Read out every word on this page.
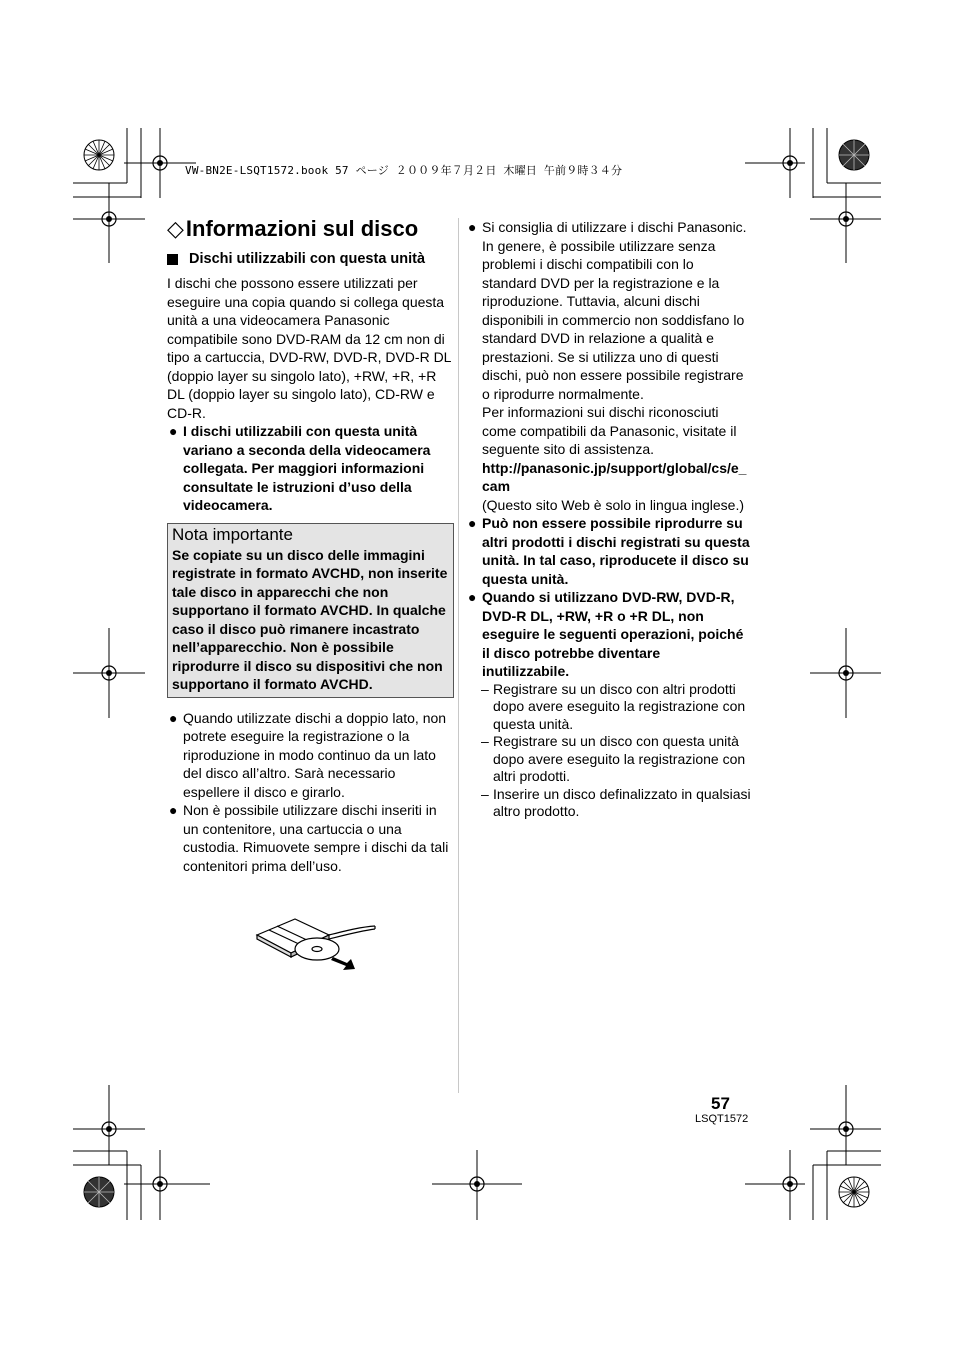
VW-BN2E-LSQT1572.book 57 ページ ２００９年７月２日 木曜日 午前９時３４分
◇Informazioni sul disco
Dischi utilizzabili con questa unità

I dischi che possono essere utilizzati per eseguire una copia quando si collega questa unità a una videocamera Panasonic compatibile sono DVD-RAM da 12 cm non di tipo a cartuccia, DVD-RW, DVD-R, DVD-R DL (doppio layer su singolo lato), +RW, +R, +R DL (doppio layer su singolo lato), CD-RW e CD-R.

● I dischi utilizzabili con questa unità variano a seconda della videocamera collegata. Per maggiori informazioni consultate le istruzioni d’uso della videocamera.
Nota importante
Se copiate su un disco delle immagini registrate in formato AVCHD, non inserite tale disco in apparecchi che non supportano il formato AVCHD. In qualche caso il disco può rimanere incastrato nell’apparecchio. Non è possibile riprodurre il disco su dispositivi che non supportano il formato AVCHD.
● Quando utilizzate dischi a doppio lato, non potrete eseguire la registrazione o la riproduzione in modo continuo da un lato del disco all’altro. Sarà necessario espellere il disco e girarlo.
● Non è possibile utilizzare dischi inseriti in un contenitore, una cartuccia o una custodia. Rimuovete sempre i dischi da tali contenitori prima dell’uso.
● Si consiglia di utilizzare i dischi Panasonic. In genere, è possibile utilizzare senza problemi i dischi compatibili con lo standard DVD per la registrazione e la riproduzione. Tuttavia, alcuni dischi disponibili in commercio non soddisfano lo standard DVD in relazione a qualità e prestazioni. Se si utilizza uno di questi dischi, può non essere possibile registrare o riprodurre normalmente.
Per informazioni sui dischi riconosciuti come compatibili da Panasonic, visitate il seguente sito di assistenza.
http://panasonic.jp/support/global/cs/e_cam
(Questo sito Web è solo in lingua inglese.)
● Può non essere possibile riprodurre su altri prodotti i dischi registrati su questa unità. In tal caso, riproducete il disco su questa unità.
● Quando si utilizzano DVD-RW, DVD-R, DVD-R DL, +RW, +R o +R DL, non eseguire le seguenti operazioni, poiché il disco potrebbe diventare inutilizzabile.
– Registrare su un disco con altri prodotti dopo avere eseguito la registrazione con questa unità.
– Registrare su un disco con questa unità dopo avere eseguito la registrazione con altri prodotti.
– Inserire un disco definalizzato in qualsiasi altro prodotto.
57
LSQT1572
